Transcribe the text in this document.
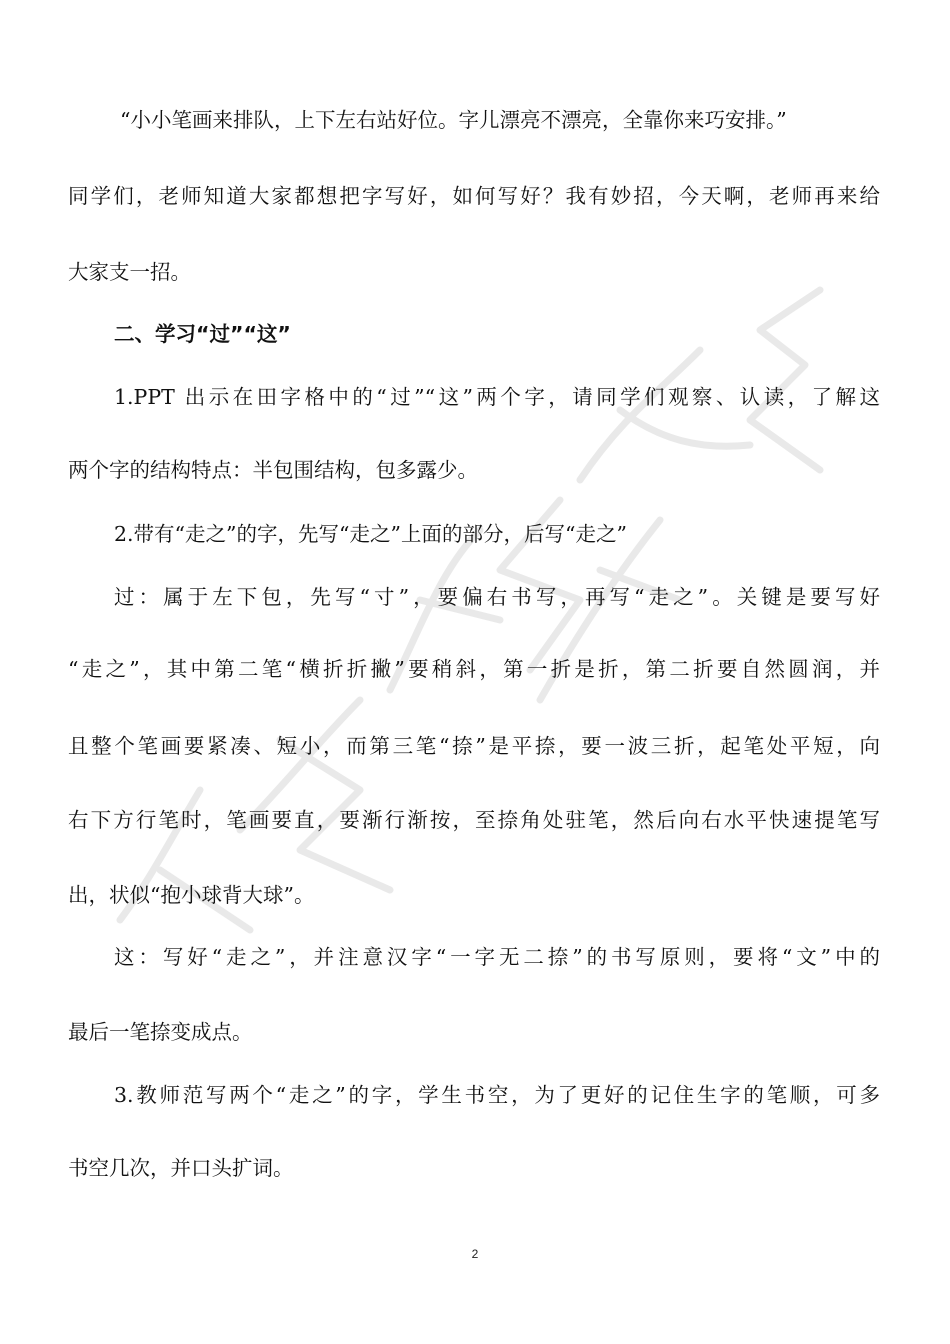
“小小笔画来排队，上下左右站好位。字儿漂亮不漂亮，全靠你来巧安排。”
同学们，老师知道大家都想把字写好，如何写好？我有妙招，今天啊，老师再来给
大家支一招。
二、学习“过”“这”
1.PPT 出示在田字格中的“过”“这”两个字，请同学们观察、认读，了解这
两个字的结构特点：半包围结构，包多露少。
2.带有“走之”的字，先写“走之”上面的部分，后写“走之”
过：属于左下包，先写“寸”，要偏右书写，再写“走之”。关键是要写好
“走之”，其中第二笔“横折折撇”要稍斜，第一折是折，第二折要自然圆润，并
且整个笔画要紧凑、短小，而第三笔“捺”是平捺，要一波三折，起笔处平短，向
右下方行笔时，笔画要直，要渐行渐按，至捺角处驻笔，然后向右水平快速提笔写
出，状似“抱小球背大球”。
这：写好“走之”，并注意汉字“一字无二捺”的书写原则，要将“文”中的
最后一笔捺变成点。
3.教师范写两个“走之”的字，学生书空，为了更好的记住生字的笔顺，可多
书空几次，并口头扩词。
2
